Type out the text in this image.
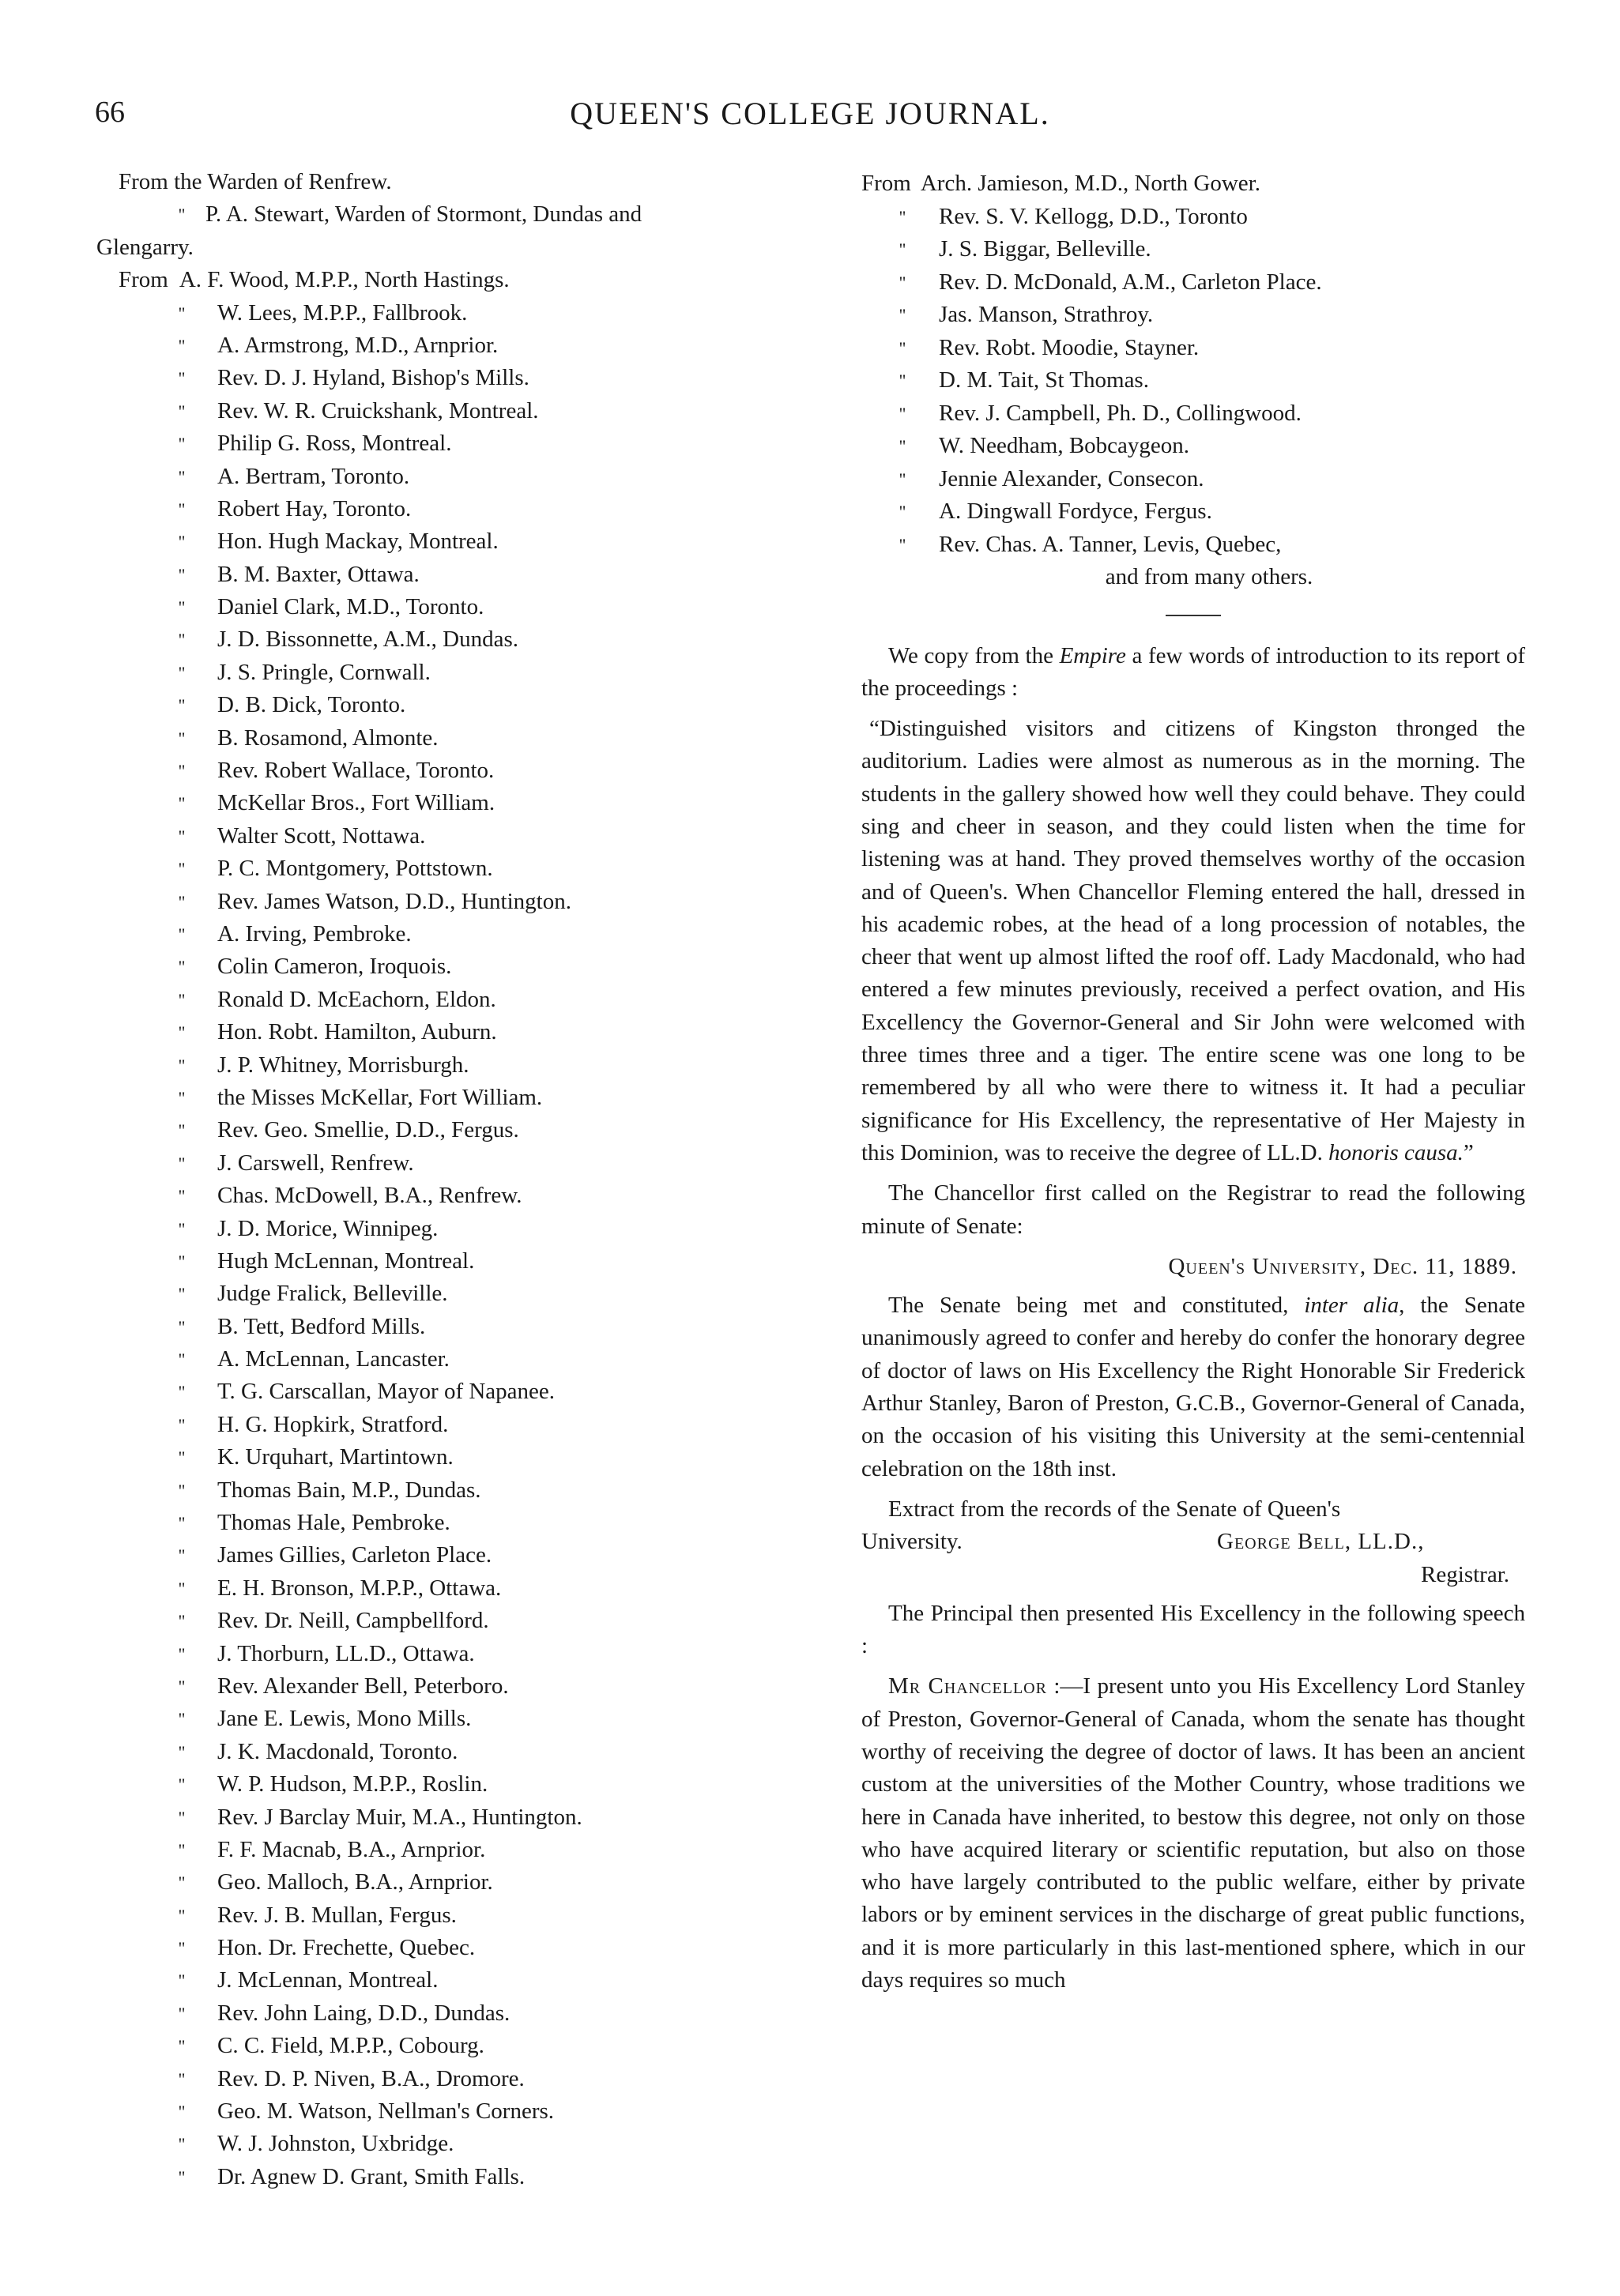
66	QUEEN'S COLLEGE JOURNAL.
From the Warden of Renfrew.
" P. A. Stewart, Warden of Stormont, Dundas and
Glengarry.
From A. F. Wood, M.P.P., North Hastings.
"	W. Lees, M.P.P., Fallbrook.
"	A. Armstrong, M.D., Arnprior.
"	Rev. D. J. Hyland, Bishop's Mills.
"	Rev. W. R. Cruickshank, Montreal.
"	Philip G. Ross, Montreal.
"	A. Bertram, Toronto.
"	Robert Hay, Toronto.
"	Hon. Hugh Mackay, Montreal.
"	B. M. Baxter, Ottawa.
"	Daniel Clark, M.D., Toronto.
"	J. D. Bissonnette, A.M., Dundas.
"	J. S. Pringle, Cornwall.
"	D. B. Dick, Toronto.
"	B. Rosamond, Almonte.
"	Rev. Robert Wallace, Toronto.
"	McKellar Bros., Fort William.
"	Walter Scott, Nottawa.
"	P. C. Montgomery, Pottstown.
"	Rev. James Watson, D.D., Huntington.
"	A. Irving, Pembroke.
"	Colin Cameron, Iroquois.
"	Ronald D. McEachorn, Eldon.
"	Hon. Robt. Hamilton, Auburn.
"	J. P. Whitney, Morrisburgh.
"	the Misses McKellar, Fort William.
"	Rev. Geo. Smellie, D.D., Fergus.
"	J. Carswell, Renfrew.
"	Chas. McDowell, B.A., Renfrew.
"	J. D. Morice, Winnipeg.
"	Hugh McLennan, Montreal.
"	Judge Fralick, Belleville.
"	B. Tett, Bedford Mills.
"	A. McLennan, Lancaster.
"	T. G. Carscallan, Mayor of Napanee.
"	H. G. Hopkirk, Stratford.
"	K. Urquhart, Martintown.
"	Thomas Bain, M.P., Dundas.
"	Thomas Hale, Pembroke.
"	James Gillies, Carleton Place.
"	E. H. Bronson, M.P.P., Ottawa.
"	Rev. Dr. Neill, Campbellford.
"	J. Thorburn, LL.D., Ottawa.
"	Rev. Alexander Bell, Peterboro.
"	Jane E. Lewis, Mono Mills.
"	J. K. Macdonald, Toronto.
"	W. P. Hudson, M.P.P., Roslin.
"	Rev. J Barclay Muir, M.A., Huntington.
"	F. F. Macnab, B.A., Arnprior.
"	Geo. Malloch, B.A., Arnprior.
"	Rev. J. B. Mullan, Fergus.
"	Hon. Dr. Frechette, Quebec.
"	J. McLennan, Montreal.
"	Rev. John Laing, D.D., Dundas.
"	C. C. Field, M.P.P., Cobourg.
"	Rev. D. P. Niven, B.A., Dromore.
"	Geo. M. Watson, Nellman's Corners.
"	W. J. Johnston, Uxbridge.
"	Dr. Agnew D. Grant, Smith Falls.
From Arch. Jamieson, M.D., North Gower.
"	Rev. S. V. Kellogg, D.D., Toronto
"	J. S. Biggar, Belleville.
"	Rev. D. McDonald, A.M., Carleton Place.
"	Jas. Manson, Strathroy.
"	Rev. Robt. Moodie, Stayner.
"	D. M. Tait, St Thomas.
"	Rev. J. Campbell, Ph. D., Collingwood.
"	W. Needham, Bobcaygeon.
"	Jennie Alexander, Consecon.
"	A. Dingwall Fordyce, Fergus.
"	Rev. Chas. A. Tanner, Levis, Quebec,
and from many others.

We copy from the Empire a few words of introduction to its report of the proceedings :

“Distinguished visitors and citizens of Kingston thronged the auditorium. Ladies were almost as numerous as in the morning. The students in the gallery showed how well they could behave. They could sing and cheer in season, and they could listen when the time for listening was at hand. They proved themselves worthy of the occasion and of Queen's. When Chancellor Fleming entered the hall, dressed in his academic robes, at the head of a long procession of notables, the cheer that went up almost lifted the roof off. Lady Macdonald, who had entered a few minutes previously, received a perfect ovation, and His Excellency the Governor-General and Sir John were welcomed with three times three and a tiger. The entire scene was one long to be remembered by all who were there to witness it. It had a peculiar significance for His Excellency, the representative of Her Majesty in this Dominion, was to receive the degree of LL.D. honoris causa.”

The Chancellor first called on the Registrar to read the following minute of Senate:

Queen's University, Dec. 11, 1889.

The Senate being met and constituted, inter alia, the Senate unanimously agreed to confer and hereby do confer the honorary degree of doctor of laws on His Excellency the Right Honorable Sir Frederick Arthur Stanley, Baron of Preston, G.C.B., Governor-General of Canada, on the occasion of his visiting this University at the semi-centennial celebration on the 18th inst.

Extract from the records of the Senate of Queen's

University.	George Bell, LL.D.,
Registrar.

The Principal then presented His Excellency in the following speech :

Mr Chancellor :—I present unto you His Excellency Lord Stanley of Preston, Governor-General of Canada, whom the senate has thought worthy of receiving the degree of doctor of laws. It has been an ancient custom at the universities of the Mother Country, whose traditions we here in Canada have inherited, to bestow this degree, not only on those who have acquired literary or scientific reputation, but also on those who have largely contributed to the public welfare, either by private labors or by eminent services in the discharge of great public functions, and it is more particularly in this last-mentioned sphere, which in our days requires so much
